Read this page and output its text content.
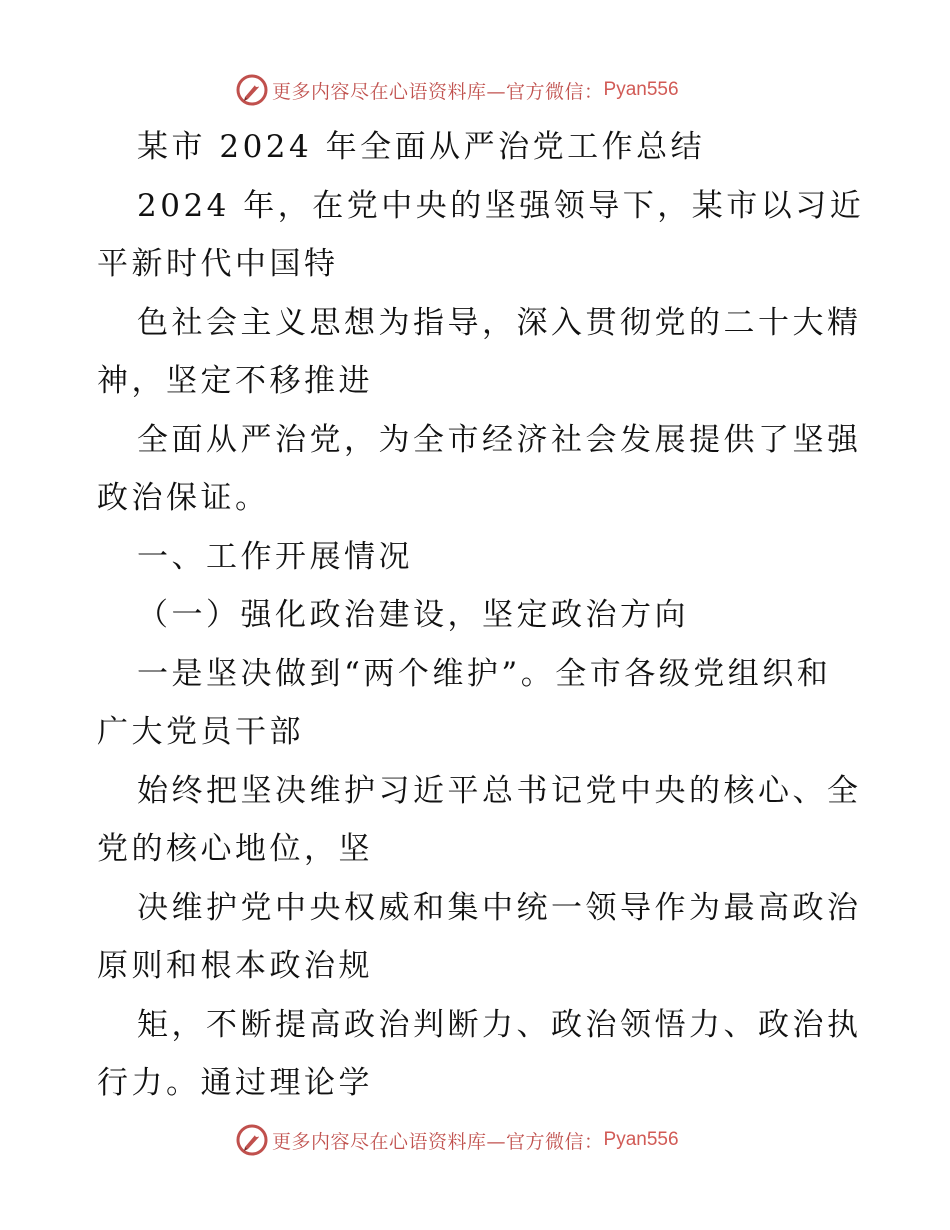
更多内容尽在心语资料库—官方微信： Pyan556
某市 2024 年全面从严治党工作总结
2024 年，在党中央的坚强领导下，某市以习近
平新时代中国特
色社会主义思想为指导，深入贯彻党的二十大精
神，坚定不移推进
全面从严治党，为全市经济社会发展提供了坚强
政治保证。
一、工作开展情况
（一）强化政治建设，坚定政治方向
一是坚决做到“两个维护”。全市各级党组织和
广大党员干部
始终把坚决维护习近平总书记党中央的核心、全
党的核心地位，坚
决维护党中央权威和集中统一领导作为最高政治
原则和根本政治规
矩，不断提高政治判断力、政治领悟力、政治执
行力。通过理论学
更多内容尽在心语资料库—官方微信： Pyan556
